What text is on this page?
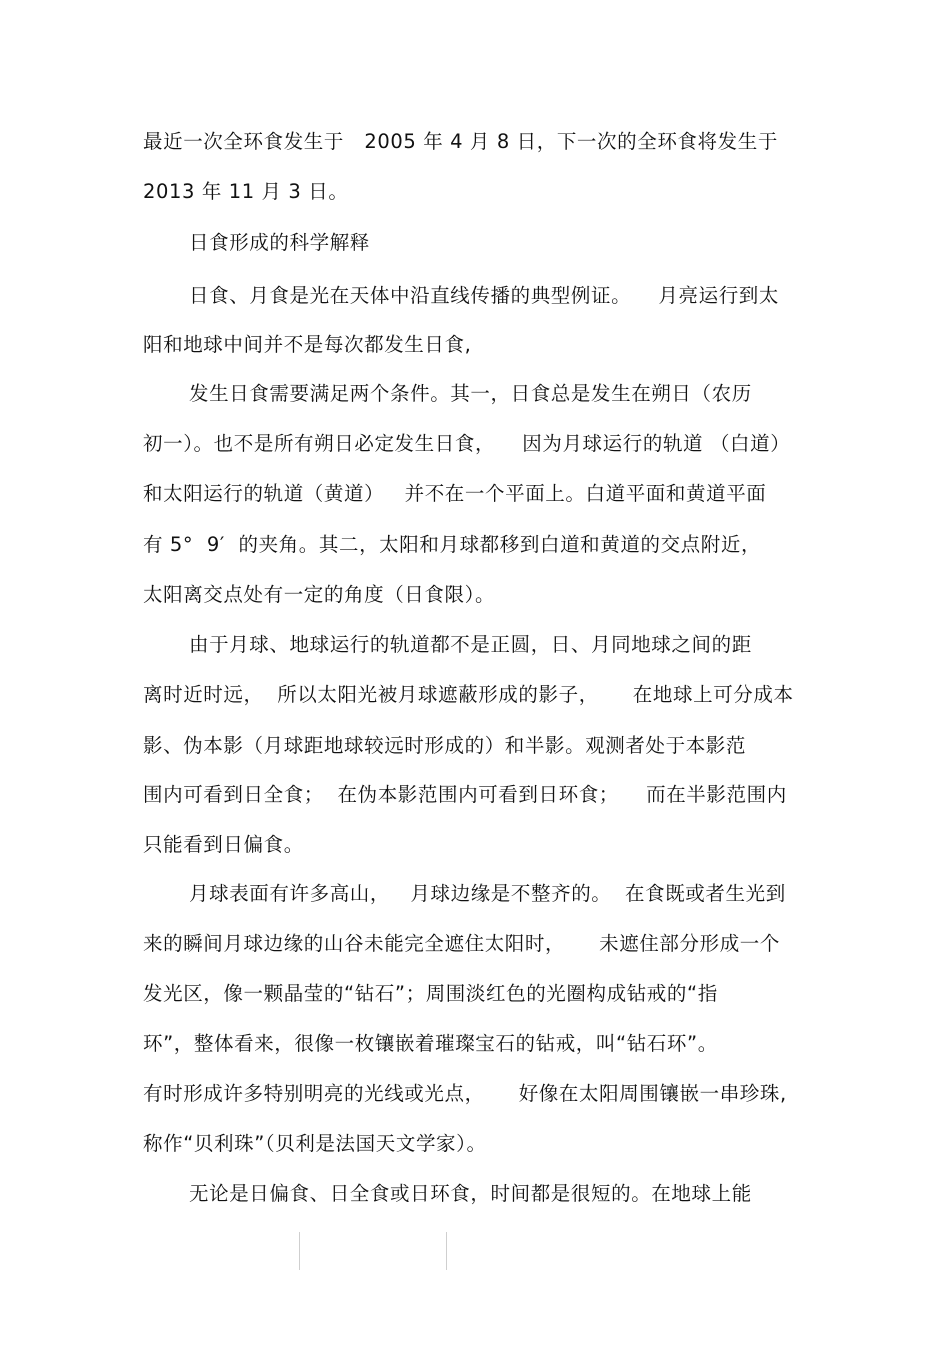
最近一次全环食发生于   2005 年 4 月 8 日，下一次的全环食将发生于
2013 年 11 月 3 日。
日食形成的科学解释
日食、月食是光在天体中沿直线传播的典型例证。    月亮运行到太
阳和地球中间并不是每次都发生日食,
发生日食需要满足两个条件。其一，日食总是发生在朔日（农历
初一）。也不是所有朔日必定发生日食，    因为月球运行的轨道 （白道）
和太阳运行的轨道（黄道）   并不在一个平面上。白道平面和黄道平面
有 5°  9′  的夹角。其二，太阳和月球都移到白道和黄道的交点附近，
太阳离交点处有一定的角度（日食限）。
由于月球、地球运行的轨道都不是正圆，日、月同地球之间的距
离时近时远，  所以太阳光被月球遮蔽形成的影子，     在地球上可分成本
影、伪本影（月球距地球较远时形成的）和半影。观测者处于本影范
围内可看到日全食；  在伪本影范围内可看到日环食；    而在半影范围内
只能看到日偏食。
月球表面有许多高山，   月球边缘是不整齐的。  在食既或者生光到
来的瞬间月球边缘的山谷未能完全遮住太阳时，     未遮住部分形成一个
发光区，像一颗晶莹的“钻石”；周围淡红色的光圈构成钻戒的“指
环”，整体看来，很像一枚镶嵌着璀璨宝石的钻戒，叫“钻石环”。
有时形成许多特别明亮的光线或光点，     好像在太阳周围镶嵌一串珍珠,
称作“贝利珠”（贝利是法国天文学家）。
无论是日偏食、日全食或日环食，时间都是很短的。在地球上能
